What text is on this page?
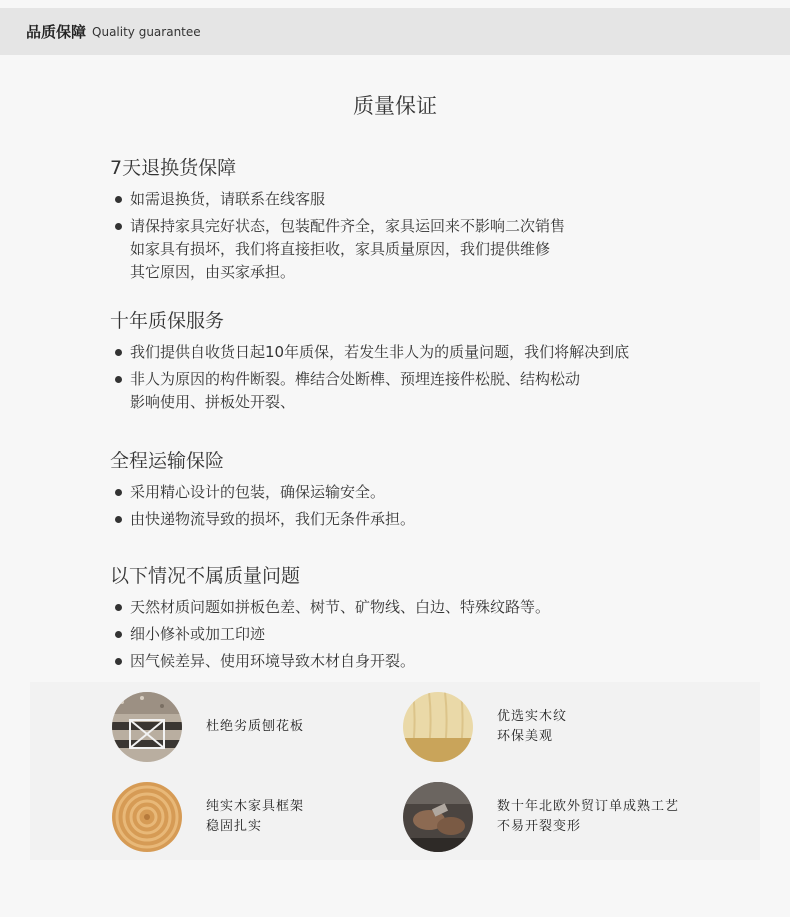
品质保障 Quality guarantee
质量保证
7天退换货保障
如需退换货，请联系在线客服
请保持家具完好状态，包装配件齐全，家具运回来不影响二次销售
如家具有损坏，我们将直接拒收，家具质量原因，我们提供维修
其它原因，由买家承担。
十年质保服务
我们提供自收货日起10年质保，若发生非人为的质量问题，我们将解决到底
非人为原因的构件断裂。榫结合处断榫、预埋连接件松脱、结构松动
影响使用、拼板处开裂、
全程运输保险
采用精心设计的包装，确保运输安全。
由快递物流导致的损坏，我们无条件承担。
以下情况不属质量问题
天然材质问题如拼板色差、树节、矿物线、白边、特殊纹路等。
细小修补或加工印迹
因气候差异、使用环境导致木材自身开裂。
杜绝劣质刨花板
优选实木纹
环保美观
纯实木家具框架
稳固扎实
数十年北欧外贸订单成熟工艺
不易开裂变形
